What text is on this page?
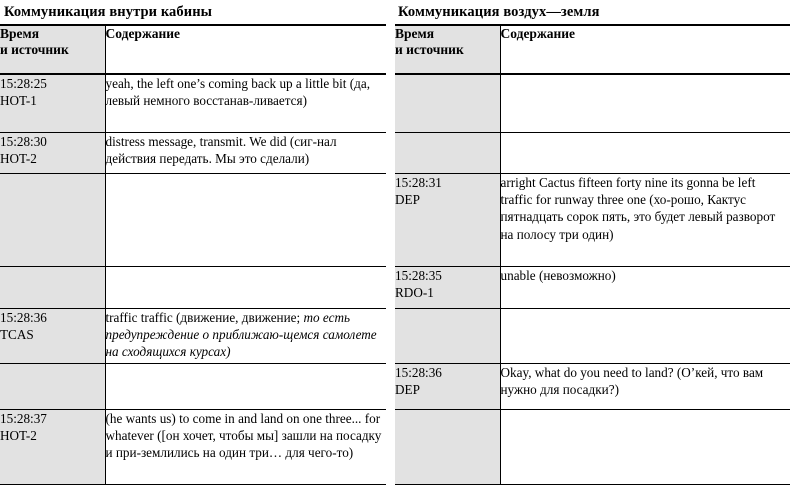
Коммуникация внутри кабины	Коммуникация воздух—земля
Время
и источник	Содержание
15:28:25
HOT-1	yeah, the left one’s coming back up a little bit (да, левый немного восстанав-ливается)
15:28:30
HOT-2	distress message, transmit. We did (сиг-нал действия передать. Мы это сделали)

15:28:36
TCAS	traffic traffic (движение, движение; то есть предупреждение о приближаю-щемся самолете на сходящихся курсах)

15:28:37
HOT-2	(he wants us) to come in and land on one three... for whatever ([он хочет, чтобы мы] зашли на посадку и при-землились на один три… для чего-то)
Время
и источник	Содержание

15:28:31
DEP	arright Cactus fifteen forty nine its gonna be left traffic for runway three one (хо-рошо, Кактус пятнадцать сорок пять, это будет левый разворот на полосу три один)
15:28:35
RDO-1	unable (невозможно)

15:28:36
DEP	Okay, what do you need to land? (О’кей, что вам нужно для посадки?)
